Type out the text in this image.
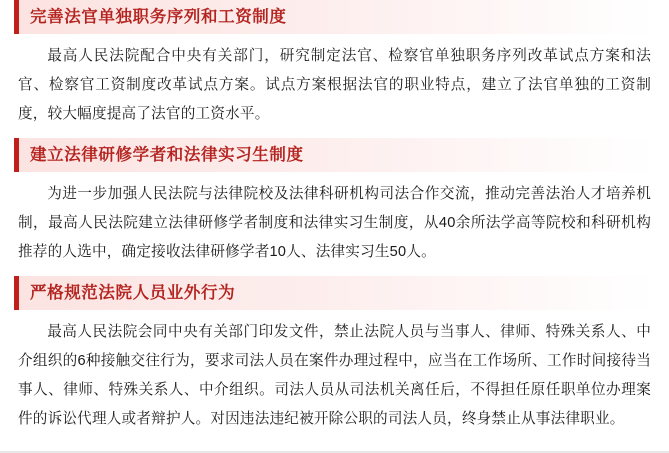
完善法官单独职务序列和工资制度

最高人民法院配合中央有关部门，研究制定法官、检察官单独职务序列改革试点方案和法官、检察官工资制度改革试点方案。试点方案根据法官的职业特点，建立了法官单独的工资制度，较大幅度提高了法官的工资水平。

建立法律研修学者和法律实习生制度

为进一步加强人民法院与法律院校及法律科研机构司法合作交流，推动完善法治人才培养机制，最高人民法院建立法律研修学者制度和法律实习生制度，从40余所法学高等院校和科研机构推荐的人选中，确定接收法律研修学者10人、法律实习生50人。

严格规范法院人员业外行为

最高人民法院会同中央有关部门印发文件，禁止法院人员与当事人、律师、特殊关系人、中介组织的6种接触交往行为，要求司法人员在案件办理过程中，应当在工作场所、工作时间接待当事人、律师、特殊关系人、中介组织。司法人员从司法机关离任后，不得担任原任职单位办理案件的诉讼代理人或者辩护人。对因违法违纪被开除公职的司法人员，终身禁止从事法律职业。
